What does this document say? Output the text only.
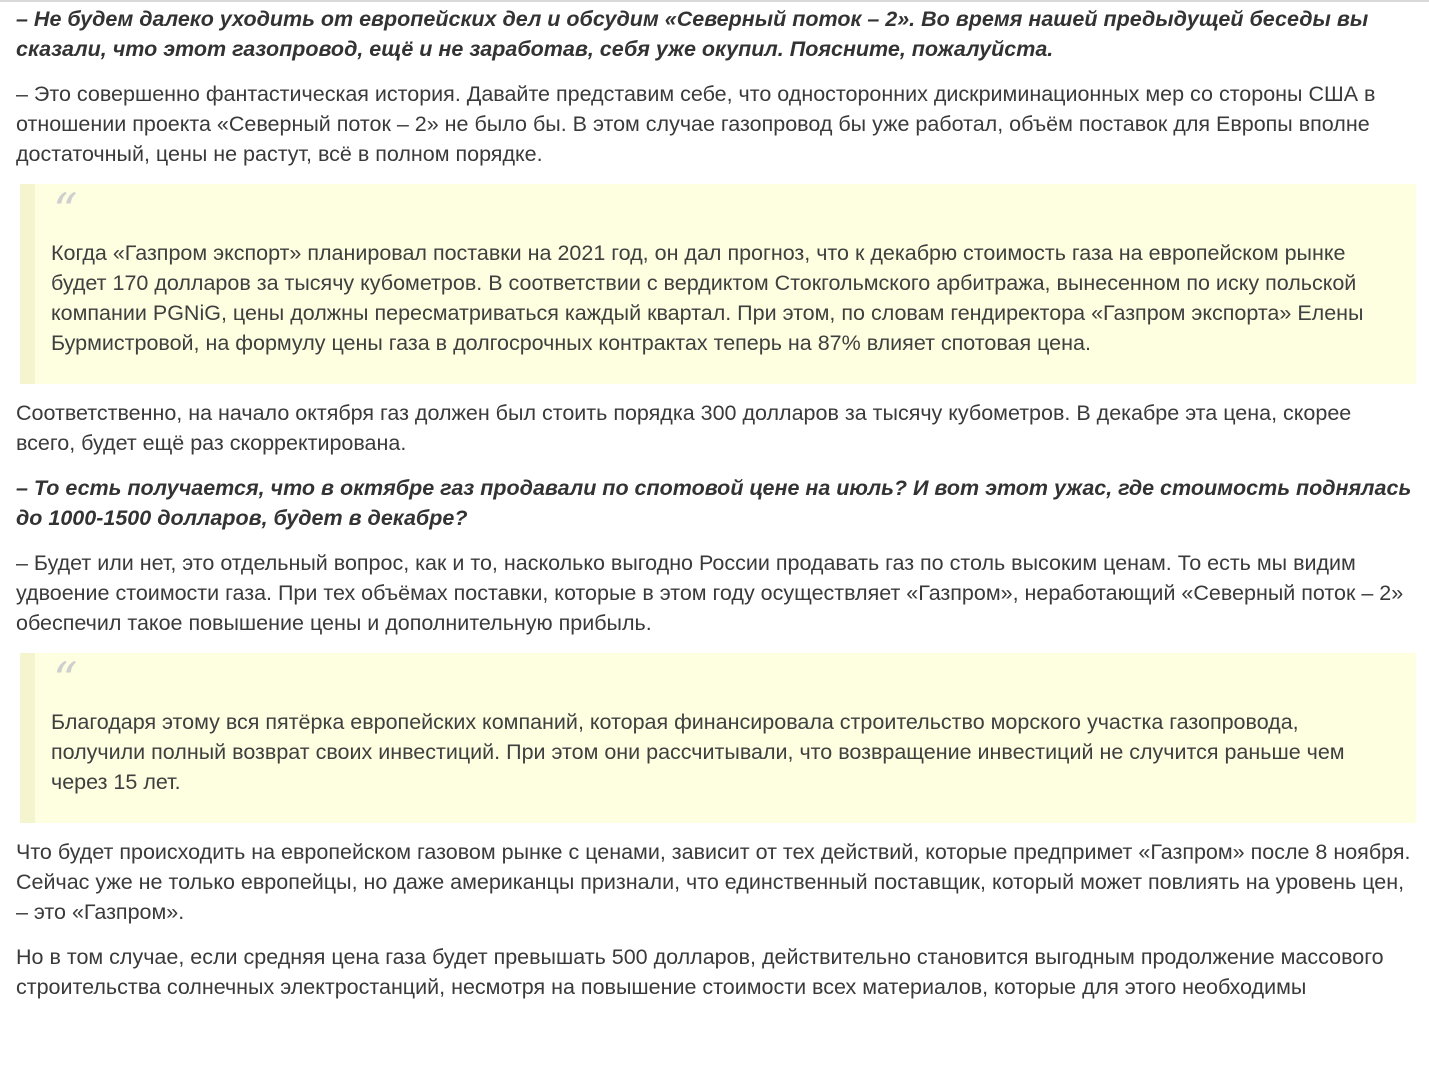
– Не будем далеко уходить от европейских дел и обсудим «Северный поток – 2». Во время нашей предыдущей беседы вы сказали, что этот газопровод, ещё и не заработав, себя уже окупил. Поясните, пожалуйста.

– Это совершенно фантастическая история. Давайте представим себе, что односторонних дискриминационных мер со стороны США в отношении проекта «Северный поток – 2» не было бы. В этом случае газопровод бы уже работал, объём поставок для Европы вполне достаточный, цены не растут, всё в полном порядке.

“

Когда «Газпром экспорт» планировал поставки на 2021 год, он дал прогноз, что к декабрю стоимость газа на европейском рынке будет 170 долларов за тысячу кубометров. В соответствии с вердиктом Стокгольмского арбитража, вынесенном по иску польской компании PGNiG, цены должны пересматриваться каждый квартал. При этом, по словам гендиректора «Газпром экспорта» Елены Бурмистровой, на формулу цены газа в долгосрочных контрактах теперь на 87% влияет спотовая цена.

Соответственно, на начало октября газ должен был стоить порядка 300 долларов за тысячу кубометров. В декабре эта цена, скорее всего, будет ещё раз скорректирована.

– То есть получается, что в октябре газ продавали по спотовой цене на июль? И вот этот ужас, где стоимость поднялась до 1000-1500 долларов, будет в декабре?

– Будет или нет, это отдельный вопрос, как и то, насколько выгодно России продавать газ по столь высоким ценам. То есть мы видим удвоение стоимости газа. При тех объёмах поставки, которые в этом году осуществляет «Газпром», неработающий «Северный поток – 2» обеспечил такое повышение цены и дополнительную прибыль.

“

Благодаря этому вся пятёрка европейских компаний, которая финансировала строительство морского участка газопровода, получили полный возврат своих инвестиций. При этом они рассчитывали, что возвращение инвестиций не случится раньше чем через 15 лет.

Что будет происходить на европейском газовом рынке с ценами, зависит от тех действий, которые предпримет «Газпром» после 8 ноября. Сейчас уже не только европейцы, но даже американцы признали, что единственный поставщик, который может повлиять на уровень цен, – это «Газпром».

Но в том случае, если средняя цена газа будет превышать 500 долларов, действительно становится выгодным продолжение массового строительства солнечных электростанций, несмотря на повышение стоимости всех материалов, которые для этого необходимы
